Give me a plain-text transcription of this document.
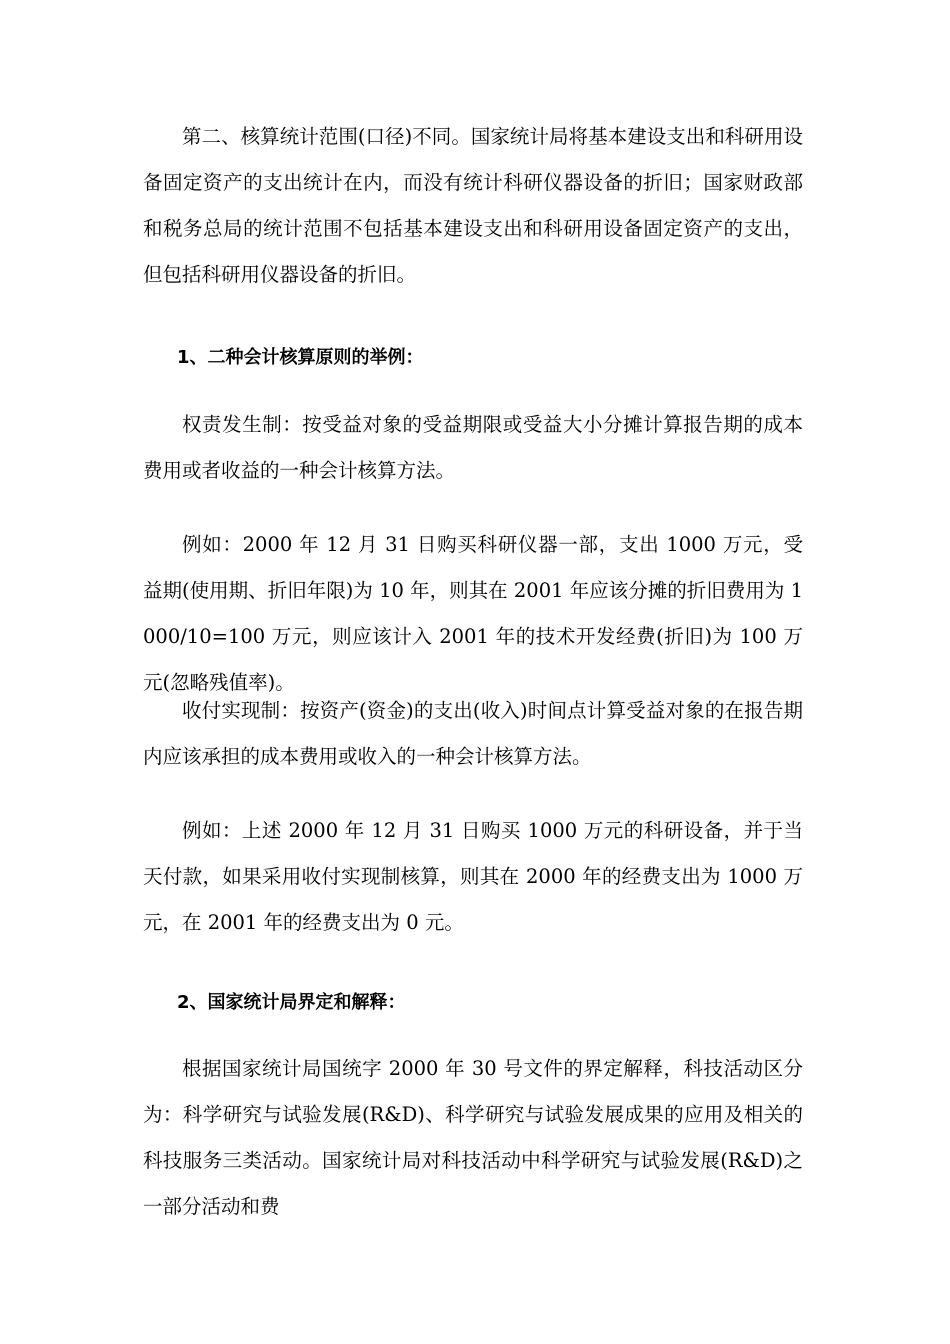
第二、核算统计范围(口径)不同。国家统计局将基本建设支出和科研用设备固定资产的支出统计在内，而没有统计科研仪器设备的折旧；国家财政部和税务总局的统计范围不包括基本建设支出和科研用设备固定资产的支出，但包括科研用仪器设备的折旧。

1、二种会计核算原则的举例：

权责发生制：按受益对象的受益期限或受益大小分摊计算报告期的成本费用或者收益的一种会计核算方法。

例如：2000 年 12 月 31 日购买科研仪器一部，支出 1000 万元，受益期(使用期、折旧年限)为 10 年，则其在 2001 年应该分摊的折旧费用为 1000/10=100 万元，则应该计入 2001 年的技术开发经费(折旧)为 100 万元(忽略残值率)。

收付实现制：按资产(资金)的支出(收入)时间点计算受益对象的在报告期内应该承担的成本费用或收入的一种会计核算方法。

例如：上述 2000 年 12 月 31 日购买 1000 万元的科研设备，并于当天付款，如果采用收付实现制核算，则其在 2000 年的经费支出为 1000 万元，在 2001 年的经费支出为 0 元。

2、国家统计局界定和解释：

根据国家统计局国统字 2000 年 30 号文件的界定解释，科技活动区分为：科学研究与试验发展(R&D)、科学研究与试验发展成果的应用及相关的科技服务三类活动。国家统计局对科技活动中科学研究与试验发展(R&D)之一部分活动和费
